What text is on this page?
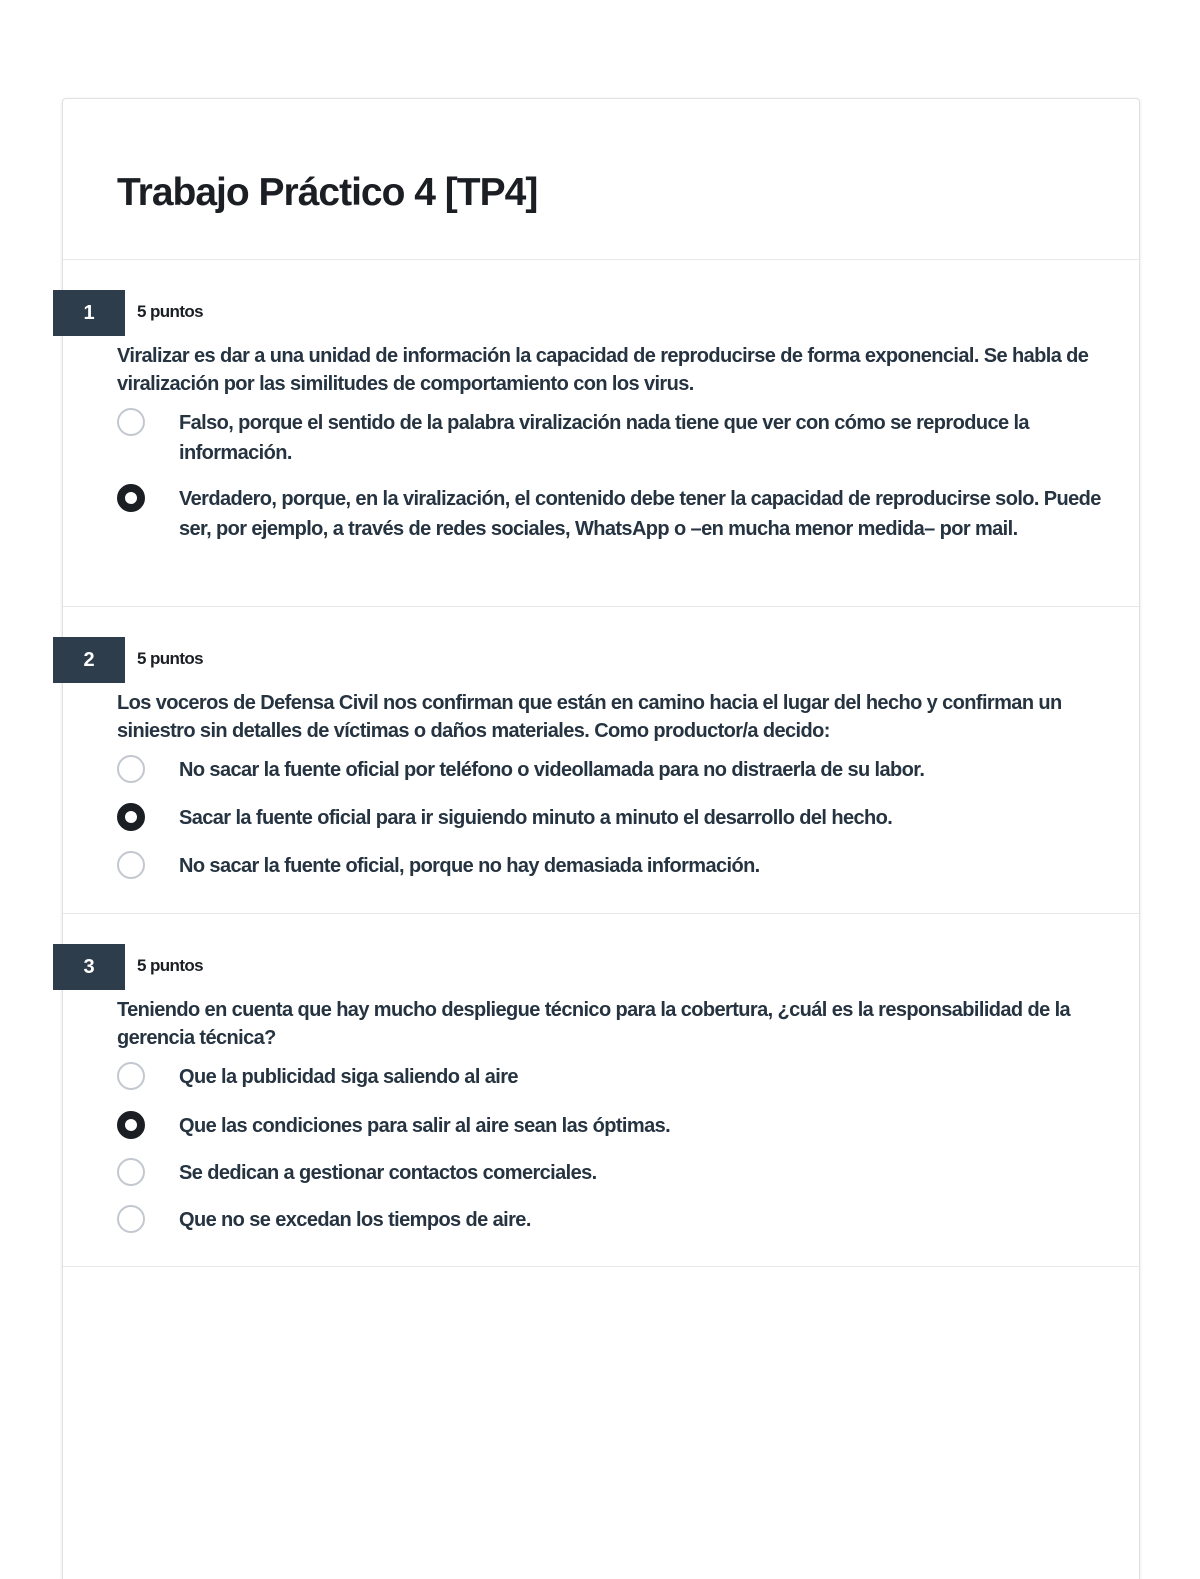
Trabajo Práctico 4 [TP4]
1	5 puntos

Viralizar es dar a una unidad de información la capacidad de reproducirse de forma exponencial. Se habla de viralización por las similitudes de comportamiento con los virus.

Falso, porque el sentido de la palabra viralización nada tiene que ver con cómo se reproduce la información.
Verdadero, porque, en la viralización, el contenido debe tener la capacidad de reproducirse solo. Puede ser, por ejemplo, a través de redes sociales, WhatsApp o –en mucha menor medida– por mail.
2	5 puntos

Los voceros de Defensa Civil nos confirman que están en camino hacia el lugar del hecho y confirman un siniestro sin detalles de víctimas o daños materiales. Como productor/a decido:

No sacar la fuente oficial por teléfono o videollamada para no distraerla de su labor.
Sacar la fuente oficial para ir siguiendo minuto a minuto el desarrollo del hecho.
No sacar la fuente oficial, porque no hay demasiada información.
3	5 puntos

Teniendo en cuenta que hay mucho despliegue técnico para la cobertura, ¿cuál es la responsabilidad de la gerencia técnica?

Que la publicidad siga saliendo al aire
Que las condiciones para salir al aire sean las óptimas.
Se dedican a gestionar contactos comerciales.
Que no se excedan los tiempos de aire.
